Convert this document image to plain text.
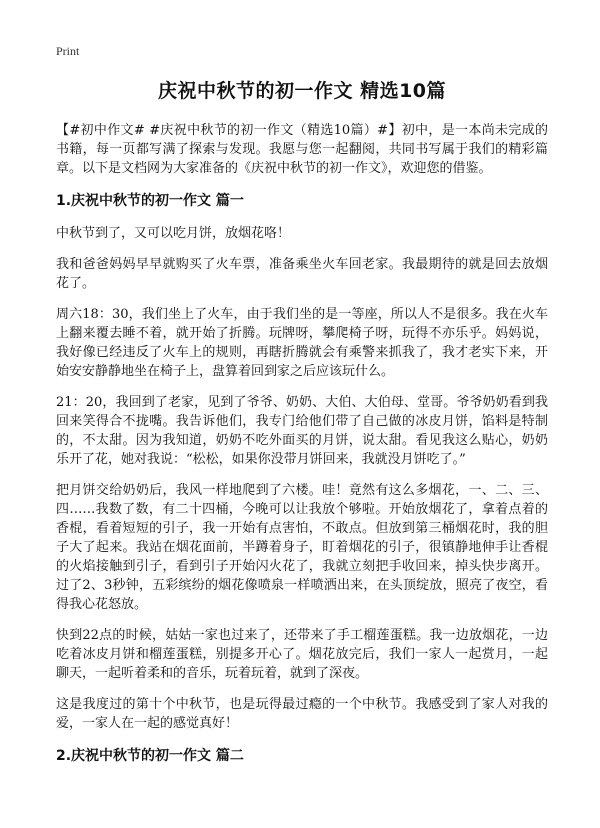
Print
庆祝中秋节的初一作文 精选10篇

【#初中作文# #庆祝中秋节的初一作文（精选10篇）#】初中，是一本尚未完成的书籍，每一页都写满了探索与发现。我愿与您一起翻阅，共同书写属于我们的精彩篇章。以下是文档网为大家准备的《庆祝中秋节的初一作文》，欢迎您的借鉴。

1.庆祝中秋节的初一作文 篇一

中秋节到了，又可以吃月饼，放烟花咯！

我和爸爸妈妈早早就购买了火车票，准备乘坐火车回老家。我最期待的就是回去放烟花了。

周六18：30，我们坐上了火车，由于我们坐的是一等座，所以人不是很多。我在火车上翻来覆去睡不着，就开始了折腾。玩牌呀，攀爬椅子呀，玩得不亦乐乎。妈妈说，我好像已经违反了火车上的规则，再瞎折腾就会有乘警来抓我了，我才老实下来，开始安安静静地坐在椅子上，盘算着回到家之后应该玩什么。

21：20，我回到了老家，见到了爷爷、奶奶、大伯、大伯母、堂哥。爷爷奶奶看到我回来笑得合不拢嘴。我告诉他们，我专门给他们带了自己做的冰皮月饼，馅料是特制的，不太甜。因为我知道，奶奶不吃外面买的月饼，说太甜。看见我这么贴心，奶奶乐开了花，她对我说：“松松，如果你没带月饼回来，我就没月饼吃了。”

把月饼交给奶奶后，我风一样地爬到了六楼。哇！竟然有这么多烟花，一、二、三、四……我数了数，有二十四桶，今晚可以让我放个够啦。开始放烟花了，拿着点着的香棍，看着短短的引子，我一开始有点害怕，不敢点。但放到第三桶烟花时，我的胆子大了起来。我站在烟花面前，半蹲着身子，盯着烟花的引子，很镇静地伸手让香棍的火焰接触到引子，看到引子开始闪火花了，我就立刻把手收回来，掉头快步离开。过了2、3秒钟，五彩缤纷的烟花像喷泉一样喷洒出来，在头顶绽放，照亮了夜空，看得我心花怒放。

快到22点的时候，姑姑一家也过来了，还带来了手工榴莲蛋糕。我一边放烟花，一边吃着冰皮月饼和榴莲蛋糕，别提多开心了。烟花放完后，我们一家人一起赏月，一起聊天，一起听着柔和的音乐，玩着玩着，就到了深夜。

这是我度过的第十个中秋节，也是玩得最过瘾的一个中秋节。我感受到了家人对我的爱，一家人在一起的感觉真好！

2.庆祝中秋节的初一作文 篇二
